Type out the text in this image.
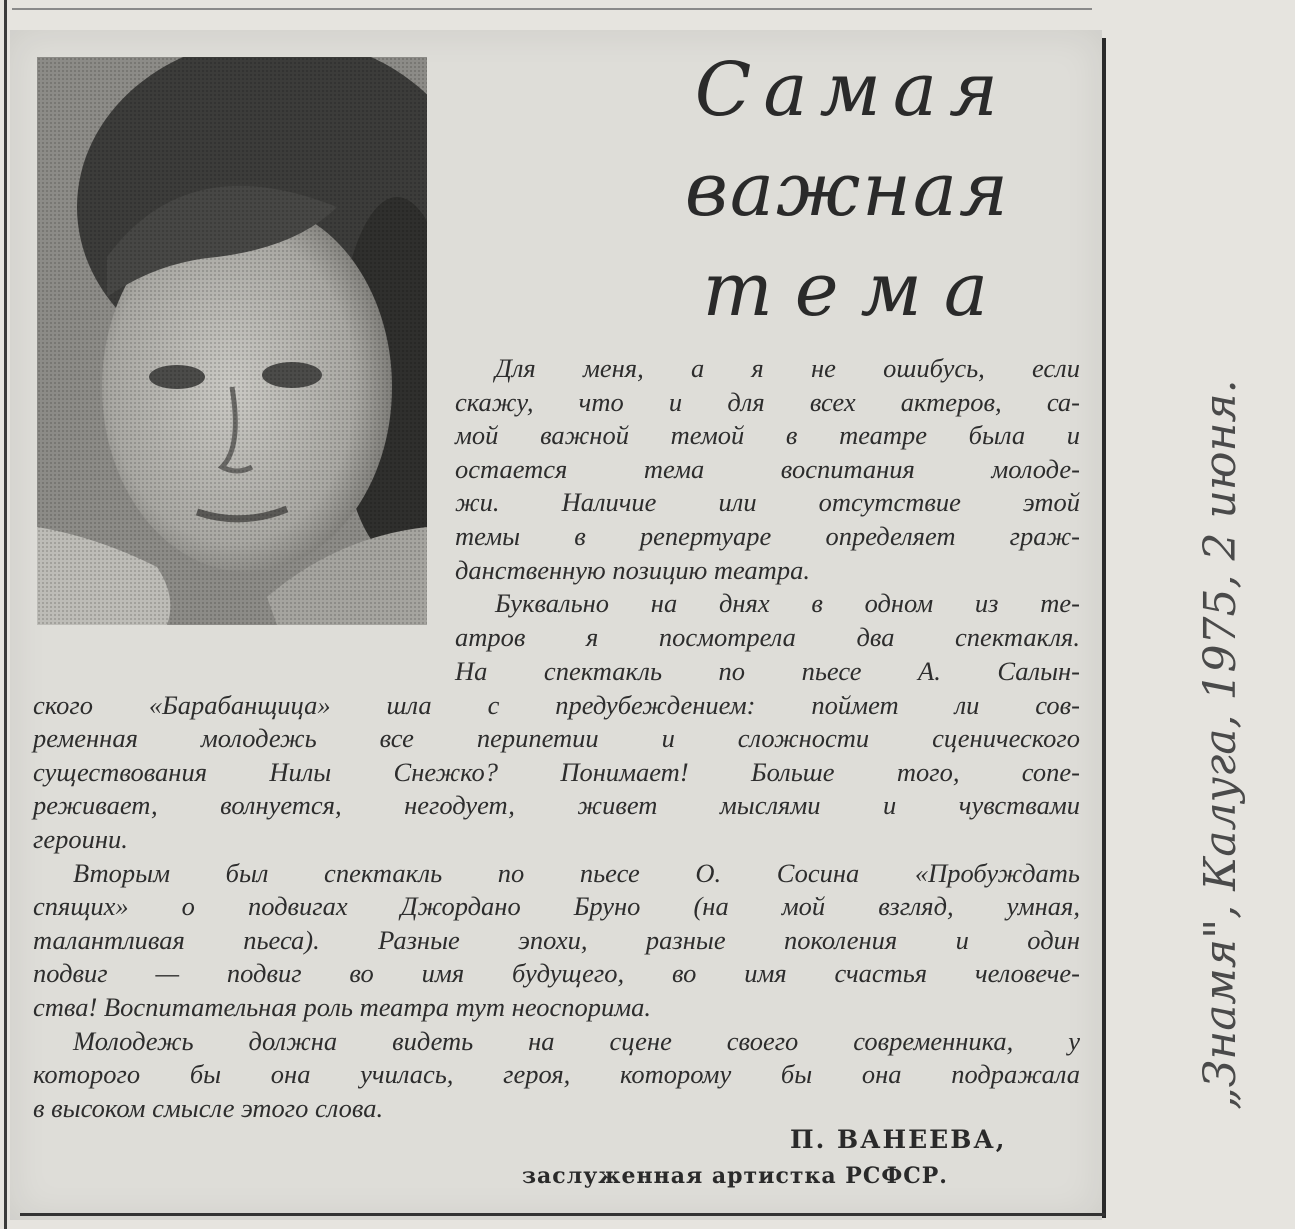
Самая
важная
тема
Для меня, а я не ошибусь, если
скажу, что и для всех актеров, са-
мой важной темой в театре была и
остается тема воспитания молоде-
жи. Наличие или отсутствие этой
темы в репертуаре определяет граж-
данственную позицию театра.
Буквально на днях в одном из те-
атров я посмотрела два спектакля.
На спектакль по пьесе А. Салын-
ского «Барабанщица» шла с предубеждением: поймет ли сов-
ременная молодежь все перипетии и сложности сценического
существования Нилы Снежко? Понимает! Больше того, сопе-
реживает, волнуется, негодует, живет мыслями и чувствами
героини.
Вторым был спектакль по пьесе О. Сосина «Пробуждать
спящих» о подвигах Джордано Бруно (на мой взгляд, умная,
талантливая пьеса). Разные эпохи, разные поколения и один
подвиг — подвиг во имя будущего, во имя счастья человече-
ства! Воспитательная роль театра тут неоспорима.
Молодежь должна видеть на сцене своего современника, у
которого бы она училась, героя, которому бы она подражала
в высоком смысле этого слова.
П. ВАНЕЕВА,
заслуженная артистка РСФСР.
„Знамя", Калуга, 1975, 2 июня.
